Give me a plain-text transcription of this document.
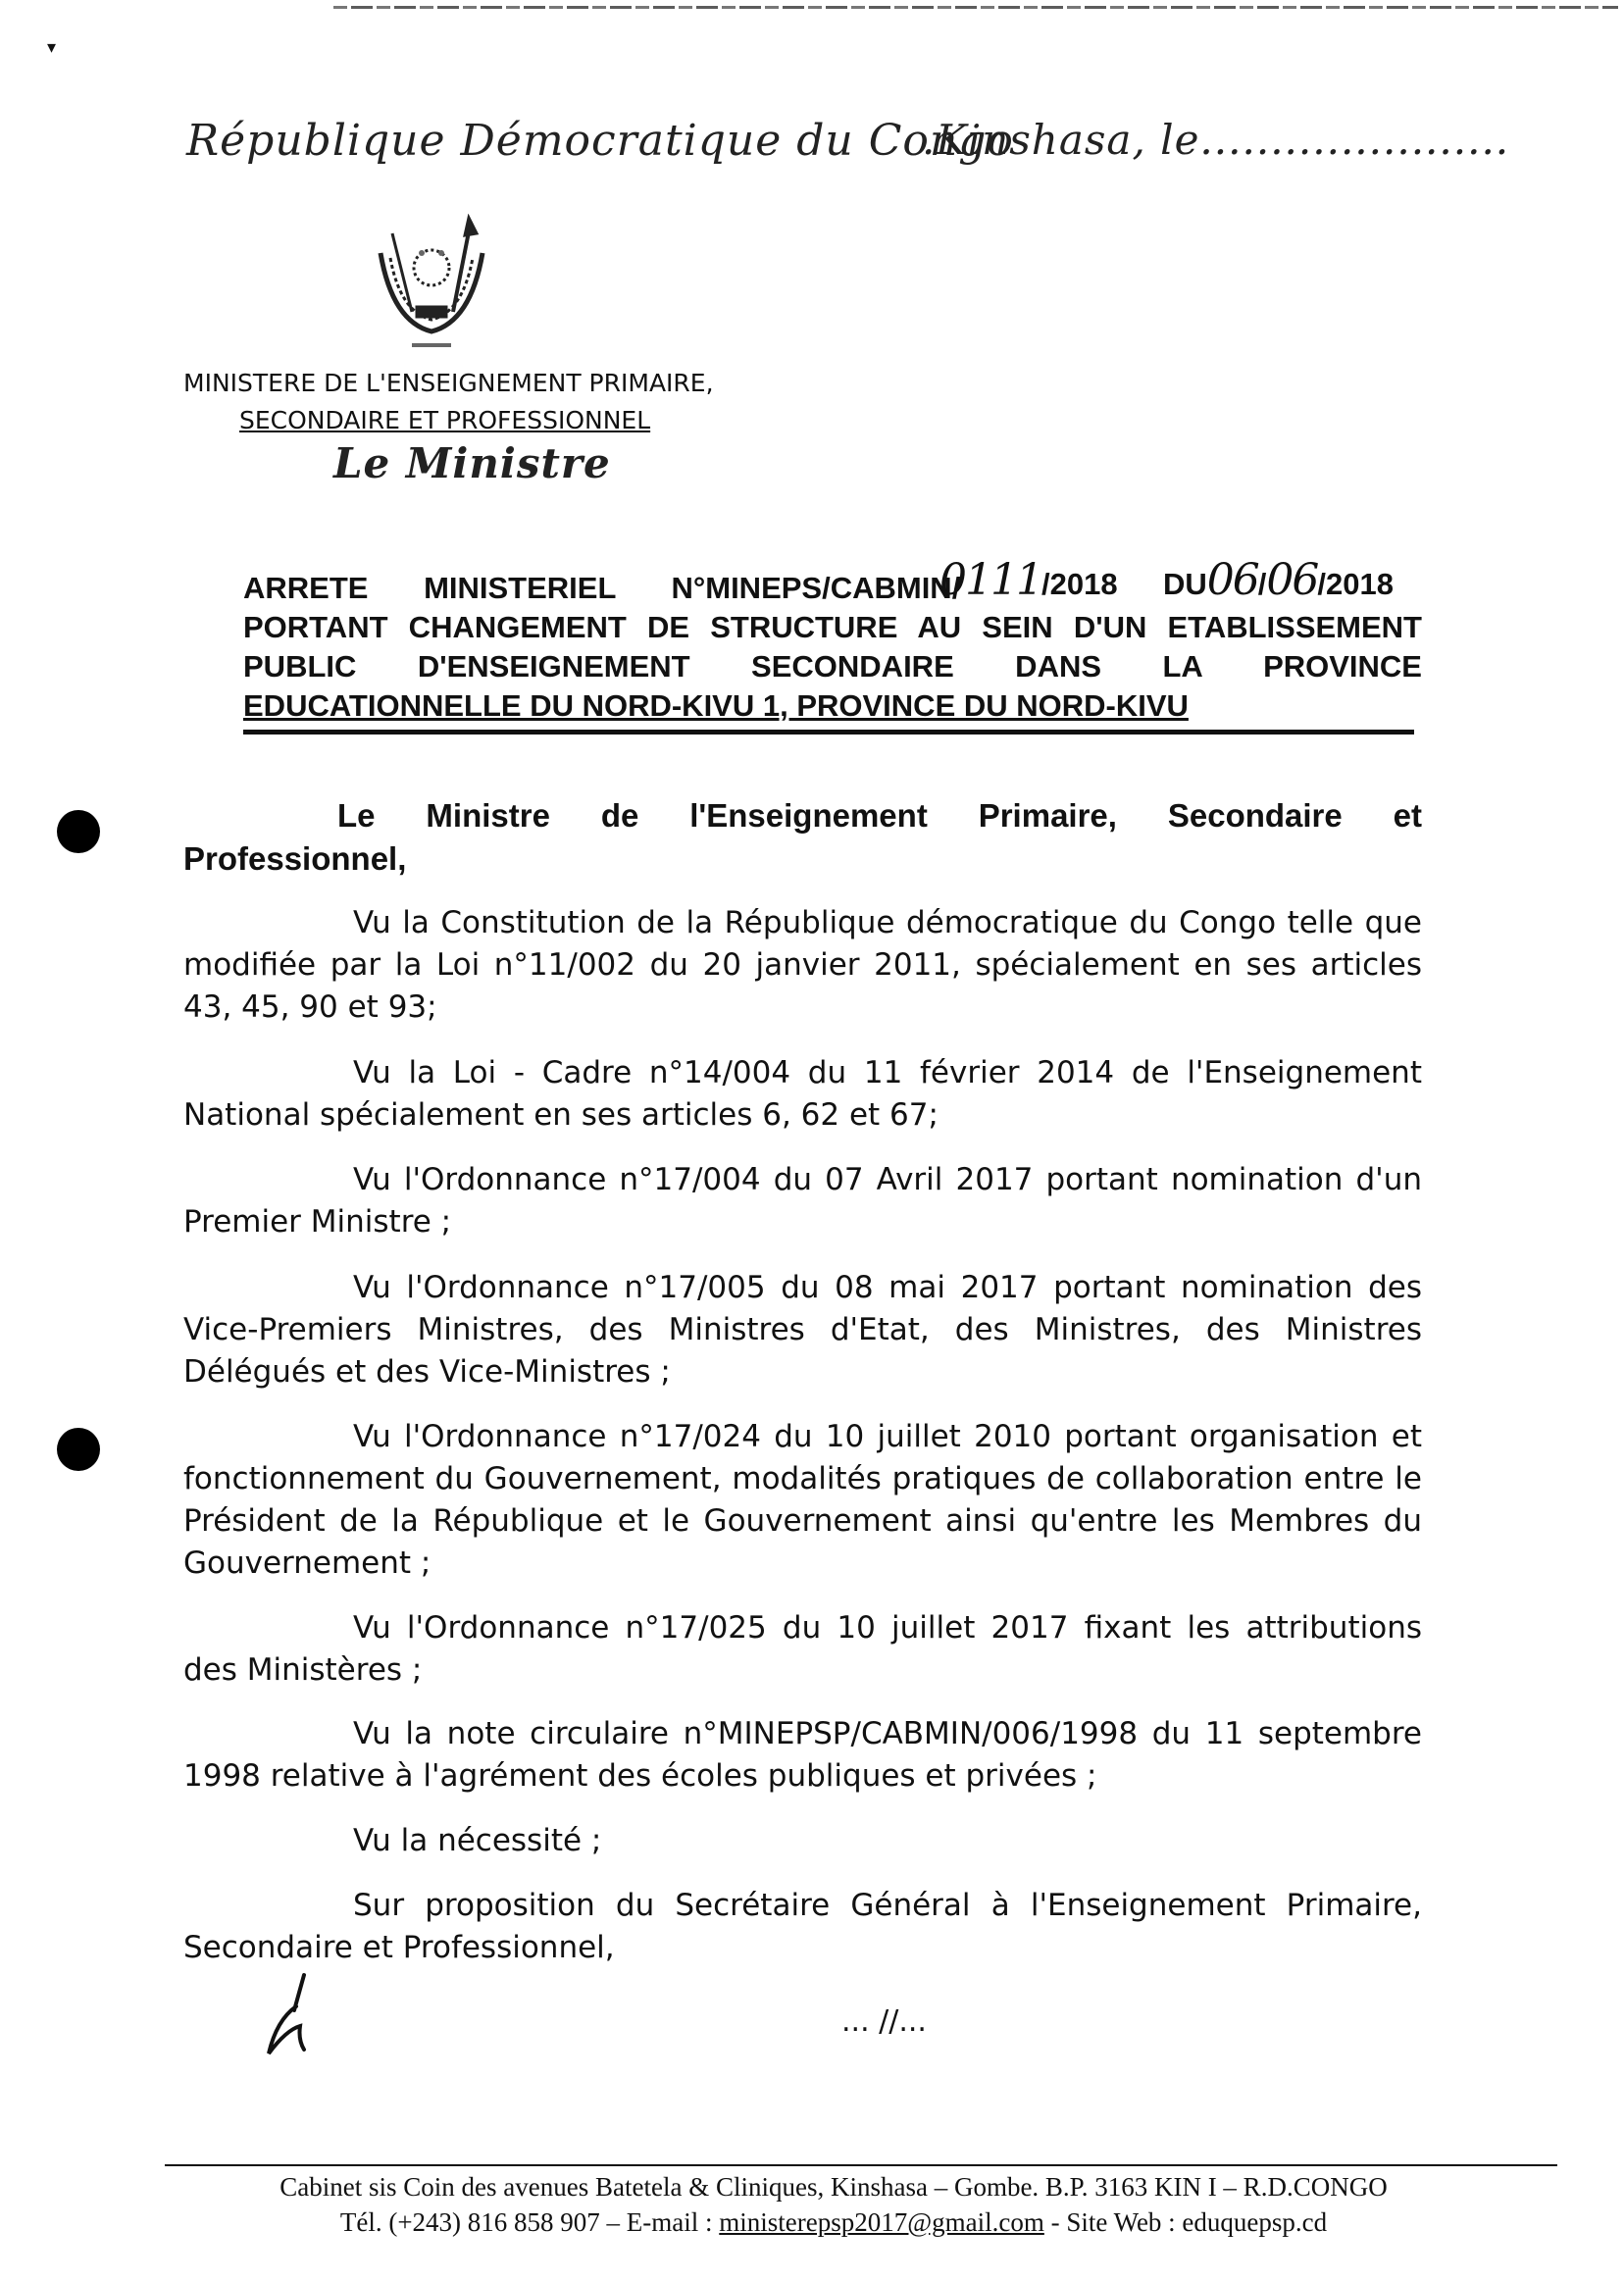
▾
République Démocratique du Congo
.Kinshasa, le......................
MINISTERE DE L'ENSEIGNEMENT PRIMAIRE,
SECONDAIRE ET PROFESSIONNEL
Le Ministre
ARRETE MINISTERIEL N°MINEPS/CABMIN/
0111/2018 DU06/06/2018
PORTANT CHANGEMENT DE STRUCTURE AU SEIN D'UN ETABLISSEMENT
PUBLIC D'ENSEIGNEMENT SECONDAIRE DANS LA PROVINCE
EDUCATIONNELLE DU NORD-KIVU 1, PROVINCE DU NORD-KIVU
Le Ministre de l'Enseignement Primaire, Secondaire et
Professionnel,

Vu la Constitution de la République démocratique du Congo telle que modifiée par la Loi n°11/002 du 20 janvier 2011, spécialement en ses articles 43, 45, 90 et 93;

Vu la Loi - Cadre n°14/004 du 11 février 2014 de l'Enseignement National spécialement en ses articles 6, 62 et 67;

Vu l'Ordonnance n°17/004 du 07 Avril 2017 portant nomination d'un Premier Ministre ;

Vu l'Ordonnance n°17/005 du 08 mai 2017 portant nomination des Vice-Premiers Ministres, des Ministres d'Etat, des Ministres, des Ministres Délégués et des Vice-Ministres ;

Vu l'Ordonnance n°17/024 du 10 juillet 2010 portant organisation et fonctionnement du Gouvernement, modalités pratiques de collaboration entre le Président de la République et le Gouvernement ainsi qu'entre les Membres du Gouvernement ;

Vu l'Ordonnance n°17/025 du 10 juillet 2017 fixant les attributions des Ministères ;

Vu la note circulaire n°MINEPSP/CABMIN/006/1998 du 11 septembre 1998 relative à l'agrément des écoles publiques et privées ;

Vu la nécessité ;

Sur proposition du Secrétaire Général à l'Enseignement Primaire, Secondaire et Professionnel,

... //...
Cabinet sis Coin des avenues Batetela & Cliniques, Kinshasa – Gombe. B.P. 3163 KIN I – R.D.CONGO
Tél. (+243) 816 858 907 – E-mail : ministerepsp2017@gmail.com - Site Web : eduquepsp.cd
